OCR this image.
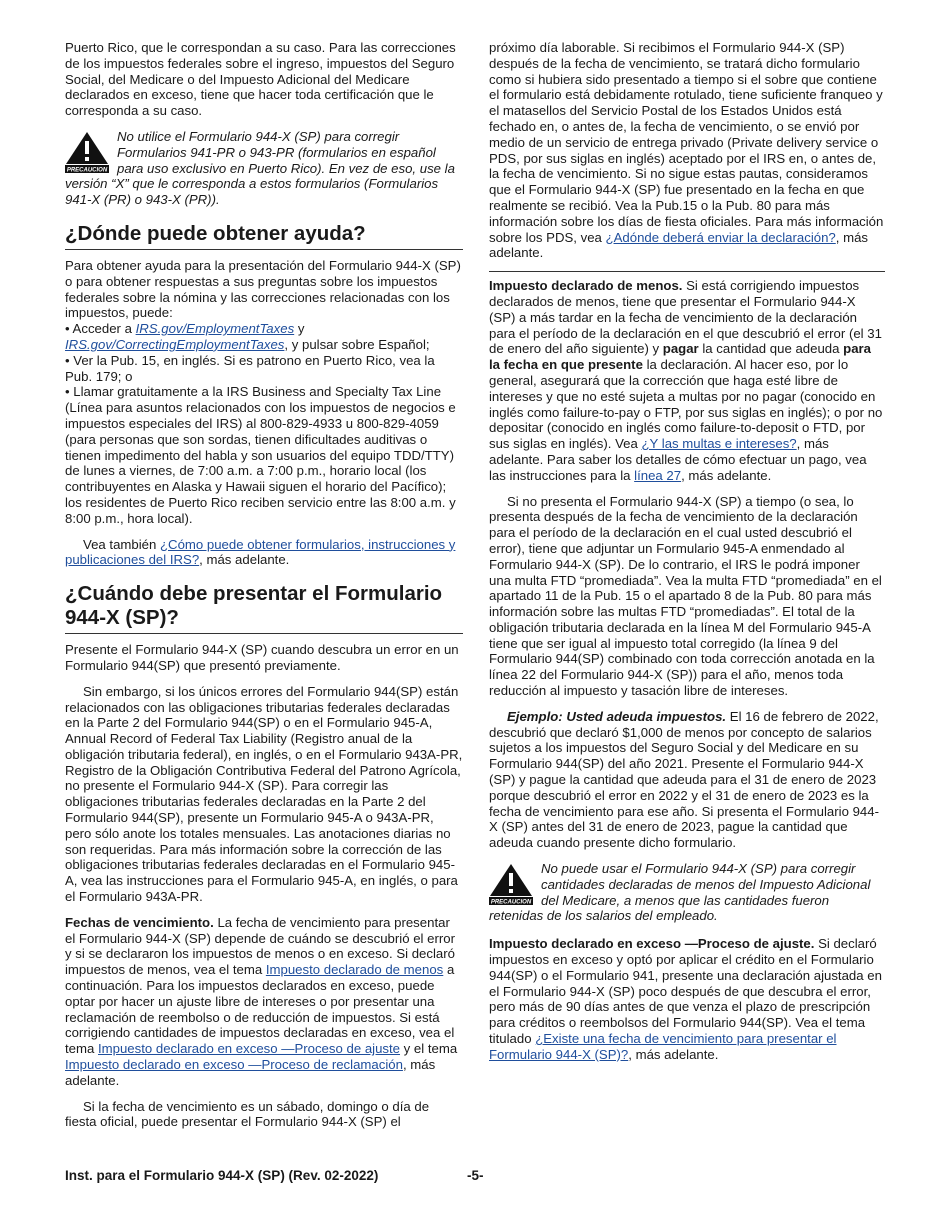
Puerto Rico, que le correspondan a su caso. Para las correcciones de los impuestos federales sobre el ingreso, impuestos del Seguro Social, del Medicare o del Impuesto Adicional del Medicare declarados en exceso, tiene que hacer toda certificación que le corresponda a su caso.

PRECAUCION
No utilice el Formulario 944-X (SP) para corregir Formularios 941-PR o 943-PR (formularios en español para uso exclusivo en Puerto Rico). En vez de eso, use la versión “X” que le corresponda a estos formularios (Formularios 941-X (PR) o 943-X (PR)).
¿Dónde puede obtener ayuda?

Para obtener ayuda para la presentación del Formulario 944-X (SP) o para obtener respuestas a sus preguntas sobre los impuestos federales sobre la nómina y las correcciones relacionadas con los impuestos, puede:

• Acceder a IRS.gov/EmploymentTaxes y IRS.gov/CorrectingEmploymentTaxes, y pulsar sobre Español;

• Ver la Pub. 15, en inglés. Si es patrono en Puerto Rico, vea la Pub. 179; o

• Llamar gratuitamente a la IRS Business and Specialty Tax Line (Línea para asuntos relacionados con los impuestos de negocios e impuestos especiales del IRS) al 800-829-4933 u 800-829-4059 (para personas que son sordas, tienen dificultades auditivas o tienen impedimento del habla y son usuarios del equipo TDD/TTY) de lunes a viernes, de 7:00 a.m. a 7:00 p.m., horario local (los contribuyentes en Alaska y Hawaii siguen el horario del Pacífico); los residentes de Puerto Rico reciben servicio entre las 8:00 a.m. y 8:00 p.m., hora local).

Vea también ¿Cómo puede obtener formularios, instrucciones y publicaciones del IRS?, más adelante.

¿Cuándo debe presentar el Formulario 944-X (SP)?

Presente el Formulario 944-X (SP) cuando descubra un error en un Formulario 944(SP) que presentó previamente.

Sin embargo, si los únicos errores del Formulario 944(SP) están relacionados con las obligaciones tributarias federales declaradas en la Parte 2 del Formulario 944(SP) o en el Formulario 945-A, Annual Record of Federal Tax Liability (Registro anual de la obligación tributaria federal), en inglés, o en el Formulario 943A-PR, Registro de la Obligación Contributiva Federal del Patrono Agrícola, no presente el Formulario 944-X (SP). Para corregir las obligaciones tributarias federales declaradas en la Parte 2 del Formulario 944(SP), presente un Formulario 945-A o 943A-PR, pero sólo anote los totales mensuales. Las anotaciones diarias no son requeridas. Para más información sobre la corrección de las obligaciones tributarias federales declaradas en el Formulario 945-A, vea las instrucciones para el Formulario 945-A, en inglés, o para el Formulario 943A-PR.

Fechas de vencimiento. La fecha de vencimiento para presentar el Formulario 944-X (SP) depende de cuándo se descubrió el error y si se declararon los impuestos de menos o en exceso. Si declaró impuestos de menos, vea el tema Impuesto declarado de menos a continuación. Para los impuestos declarados en exceso, puede optar por hacer un ajuste libre de intereses o por presentar una reclamación de reembolso o de reducción de impuestos. Si está corrigiendo cantidades de impuestos declaradas en exceso, vea el tema Impuesto declarado en exceso —Proceso de ajuste y el tema Impuesto declarado en exceso —Proceso de reclamación, más adelante.

Si la fecha de vencimiento es un sábado, domingo o día de fiesta oficial, puede presentar el Formulario 944-X (SP) el

próximo día laborable. Si recibimos el Formulario 944-X (SP) después de la fecha de vencimiento, se tratará dicho formulario como si hubiera sido presentado a tiempo si el sobre que contiene el formulario está debidamente rotulado, tiene suficiente franqueo y el matasellos del Servicio Postal de los Estados Unidos está fechado en, o antes de, la fecha de vencimiento, o se envió por medio de un servicio de entrega privado (Private delivery service o PDS, por sus siglas en inglés) aceptado por el IRS en, o antes de, la fecha de vencimiento. Si no sigue estas pautas, consideramos que el Formulario 944-X (SP) fue presentado en la fecha en que realmente se recibió. Vea la Pub.15 o la Pub. 80 para más información sobre los días de fiesta oficiales. Para más información sobre los PDS, vea ¿Adónde deberá enviar la declaración?, más adelante.

Impuesto declarado de menos. Si está corrigiendo impuestos declarados de menos, tiene que presentar el Formulario 944-X (SP) a más tardar en la fecha de vencimiento de la declaración para el período de la declaración en el que descubrió el error (el 31 de enero del año siguiente) y pagar la cantidad que adeuda para la fecha en que presente la declaración. Al hacer eso, por lo general, asegurará que la corrección que haga esté libre de intereses y que no esté sujeta a multas por no pagar (conocido en inglés como failure-to-pay o FTP, por sus siglas en inglés); o por no depositar (conocido en inglés como failure-to-deposit o FTD, por sus siglas en inglés). Vea ¿Y las multas e intereses?, más adelante. Para saber los detalles de cómo efectuar un pago, vea las instrucciones para la línea 27, más adelante.

Si no presenta el Formulario 944-X (SP) a tiempo (o sea, lo presenta después de la fecha de vencimiento de la declaración para el período de la declaración en el cual usted descubrió el error), tiene que adjuntar un Formulario 945-A enmendado al Formulario 944-X (SP). De lo contrario, el IRS le podrá imponer una multa FTD “promediada”. Vea la multa FTD “promediada” en el apartado 11 de la Pub. 15 o el apartado 8 de la Pub. 80 para más información sobre las multas FTD “promediadas”. El total de la obligación tributaria declarada en la línea M del Formulario 945-A tiene que ser igual al impuesto total corregido (la línea 9 del Formulario 944(SP) combinado con toda corrección anotada en la línea 22 del Formulario 944-X (SP)) para el año, menos toda reducción al impuesto y tasación libre de intereses.

Ejemplo: Usted adeuda impuestos. El 16 de febrero de 2022, descubrió que declaró $1,000 de menos por concepto de salarios sujetos a los impuestos del Seguro Social y del Medicare en su Formulario 944(SP) del año 2021. Presente el Formulario 944-X (SP) y pague la cantidad que adeuda para el 31 de enero de 2023 porque descubrió el error en 2022 y el 31 de enero de 2023 es la fecha de vencimiento para ese año. Si presenta el Formulario 944-X (SP) antes del 31 de enero de 2023, pague la cantidad que adeuda cuando presente dicho formulario.

PRECAUCION
No puede usar el Formulario 944-X (SP) para corregir cantidades declaradas de menos del Impuesto Adicional del Medicare, a menos que las cantidades fueron retenidas de los salarios del empleado.

Impuesto declarado en exceso —Proceso de ajuste. Si declaró impuestos en exceso y optó por aplicar el crédito en el Formulario 944(SP) o el Formulario 941, presente una declaración ajustada en el Formulario 944-X (SP) poco después de que descubra el error, pero más de 90 días antes de que venza el plazo de prescripción para créditos o reembolsos del Formulario 944(SP). Vea el tema titulado ¿Existe una fecha de vencimiento para presentar el Formulario 944-X (SP)?, más adelante.

Inst. para el Formulario 944-X (SP) (Rev. 02-2022)	-5-
